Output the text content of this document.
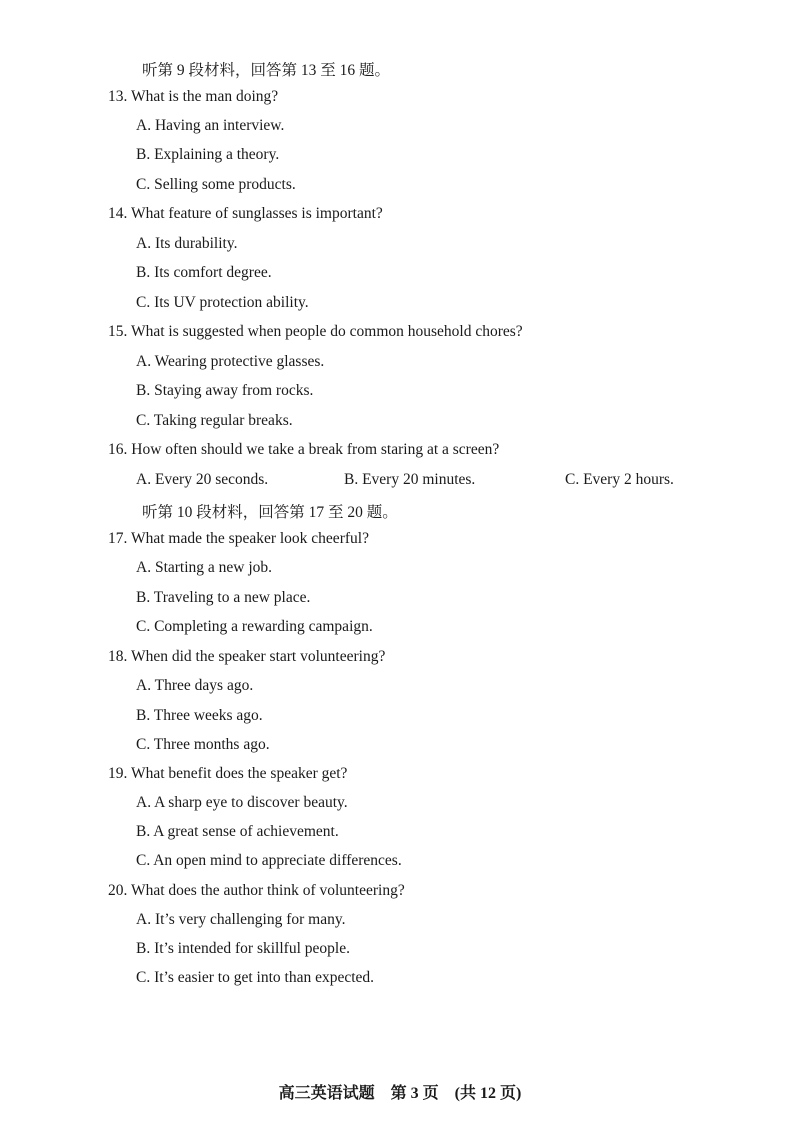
听第 9 段材料，回答第 13 至 16 题。
13. What is the man doing?
A. Having an interview.
B. Explaining a theory.
C. Selling some products.
14. What feature of sunglasses is important?
A. Its durability.
B. Its comfort degree.
C. Its UV protection ability.
15. What is suggested when people do common household chores?
A. Wearing protective glasses.
B. Staying away from rocks.
C. Taking regular breaks.
16. How often should we take a break from staring at a screen?
A. Every 20 seconds.	B. Every 20 minutes.	C. Every 2 hours.
听第 10 段材料，回答第 17 至 20 题。
17. What made the speaker look cheerful?
A. Starting a new job.
B. Traveling to a new place.
C. Completing a rewarding campaign.
18. When did the speaker start volunteering?
A. Three days ago.
B. Three weeks ago.
C. Three months ago.
19. What benefit does the speaker get?
A. A sharp eye to discover beauty.
B. A great sense of achievement.
C. An open mind to appreciate differences.
20. What does the author think of volunteering?
A. It’s very challenging for many.
B. It’s intended for skillful people.
C. It’s easier to get into than expected.
高三英语试题　第 3 页　(共 12 页)
